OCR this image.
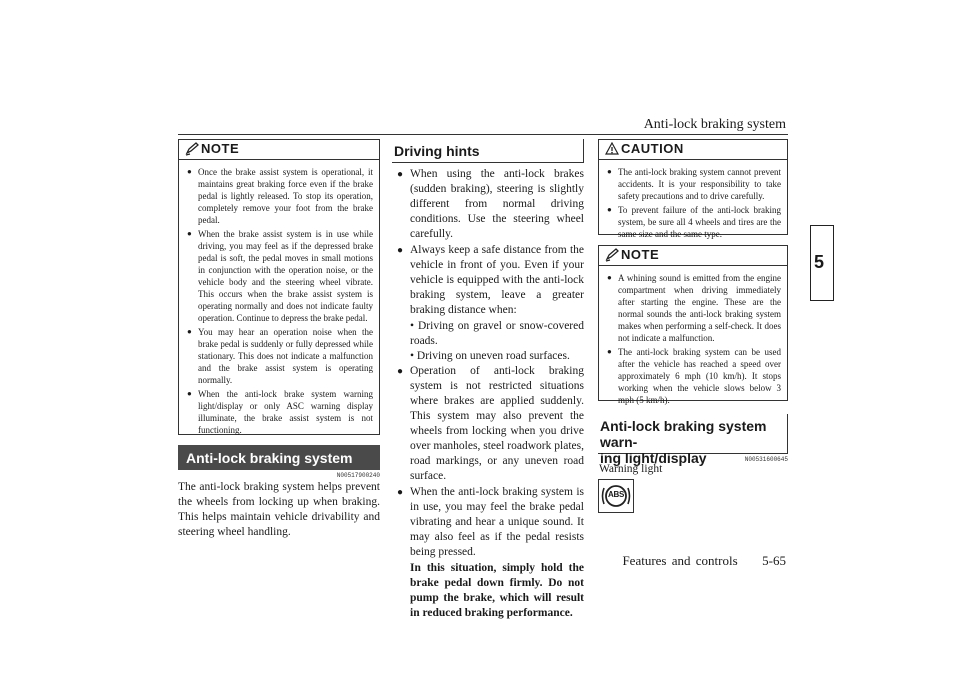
Anti-lock braking system
5
NOTE
● Once the brake assist system is operational, it maintains great braking force even if the brake pedal is lightly released. To stop its operation, completely remove your foot from the brake pedal.
● When the brake assist system is in use while driving, you may feel as if the depressed brake pedal is soft, the pedal moves in small motions in conjunction with the operation noise, or the vehicle body and the steering wheel vibrate. This occurs when the brake assist system is operating normally and does not indicate faulty operation. Continue to depress the brake pedal.
● You may hear an operation noise when the brake pedal is suddenly or fully depressed while stationary. This does not indicate a malfunction and the brake assist system is operating normally.
● When the anti-lock brake system warning light/display or only ASC warning display illuminate, the brake assist system is not functioning.
Anti-lock braking system
N00517900240
The anti-lock braking system helps prevent the wheels from locking up when braking. This helps maintain vehicle drivability and steering wheel handling.
Driving hints
● When using the anti-lock brakes (sudden braking), steering is slightly different from normal driving conditions. Use the steering wheel carefully.
● Always keep a safe distance from the vehicle in front of you. Even if your vehicle is equipped with the anti-lock braking system, leave a greater braking distance when:
• Driving on gravel or snow-covered roads.
• Driving on uneven road surfaces.
● Operation of anti-lock braking system is not restricted situations where brakes are applied suddenly. This system may also prevent the wheels from locking when you drive over manholes, steel roadwork plates, road markings, or any uneven road surface.
● When the anti-lock braking system is in use, you may feel the brake pedal vibrating and hear a unique sound. It may also feel as if the pedal resists being pressed.
In this situation, simply hold the brake pedal down firmly. Do not pump the brake, which will result in reduced braking performance.
CAUTION
● The anti-lock braking system cannot prevent accidents. It is your responsibility to take safety precautions and to drive carefully.
● To prevent failure of the anti-lock braking system, be sure all 4 wheels and tires are the same size and the same type.
NOTE
● A whining sound is emitted from the engine compartment when driving immediately after starting the engine. These are the normal sounds the anti-lock braking system makes when performing a self-check. It does not indicate a malfunction.
● The anti-lock braking system can be used after the vehicle has reached a speed over approximately 6 mph (10 km/h). It stops working when the vehicle slows below 3 mph (5 km/h).
Anti-lock braking system warn-
ing light/display	N00531600645
Warning light
ABS
Features and controls 5-65
